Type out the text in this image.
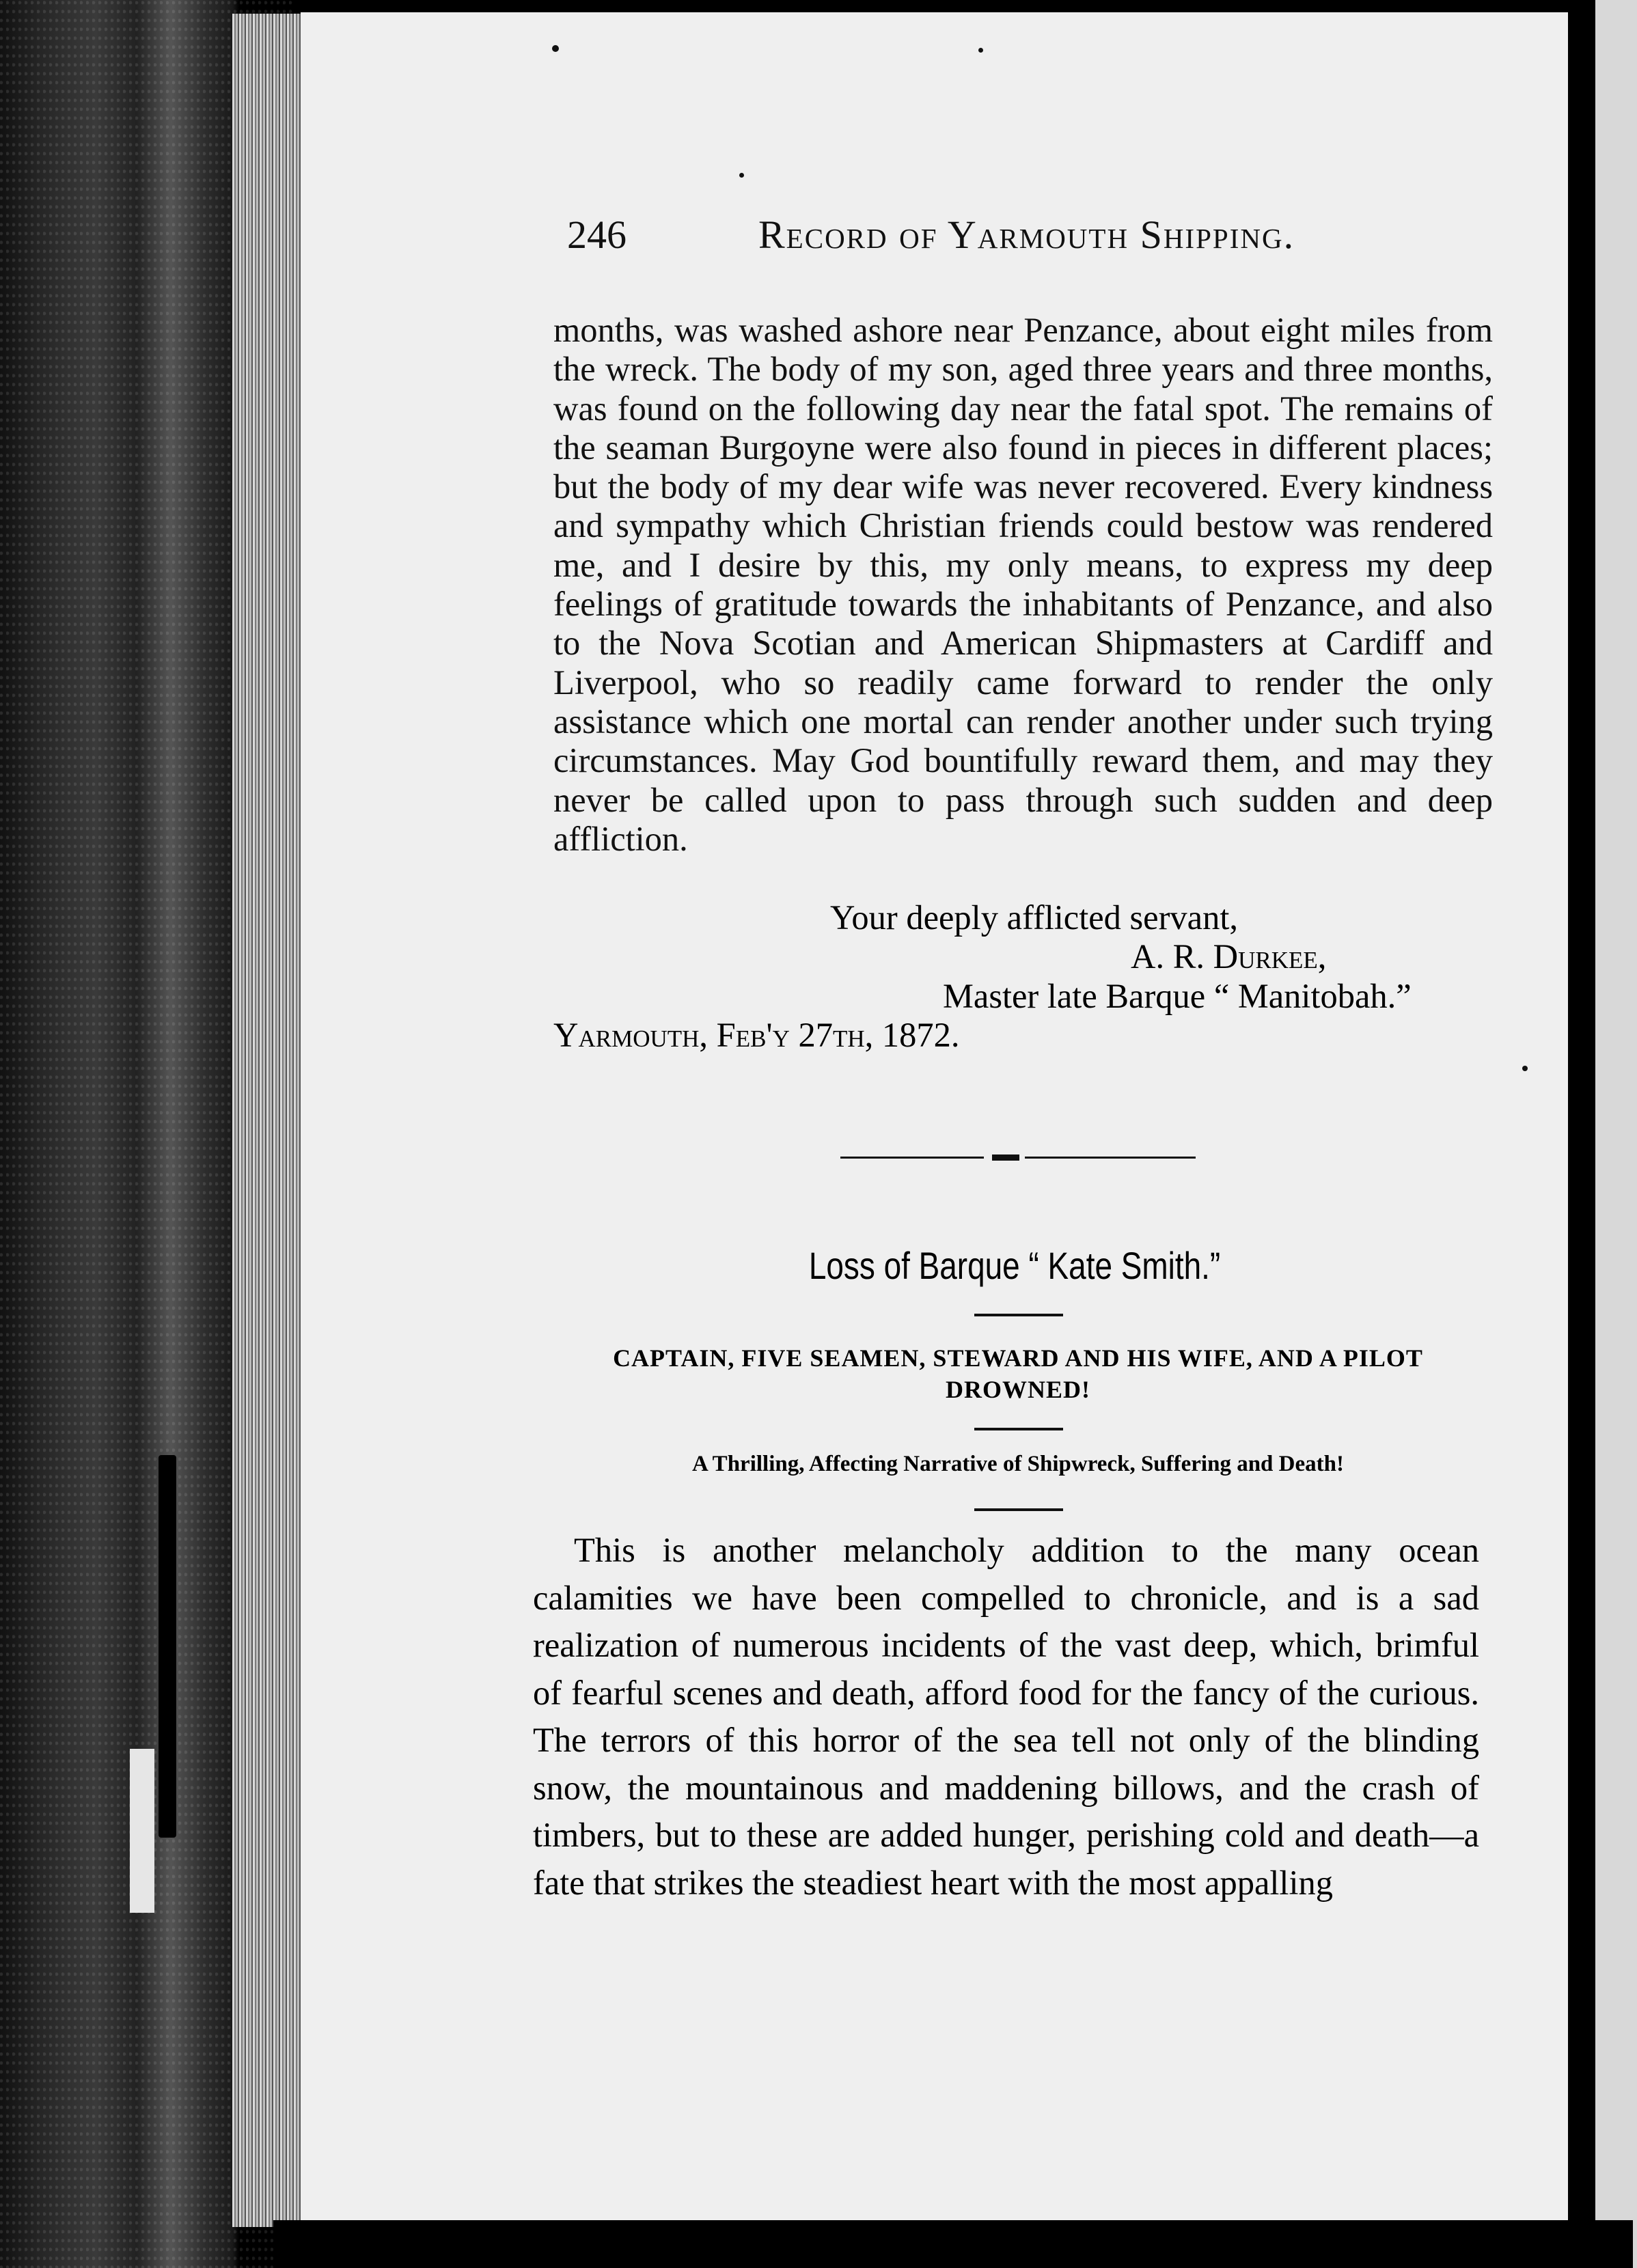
246	Record of Yarmouth Shipping.

months, was washed ashore near Penzance, about eight miles from the wreck. The body of my son, aged three years and three months, was found on the following day near the fatal spot. The remains of the seaman Burgoyne were also found in pieces in different places; but the body of my dear wife was never recovered. Every kindness and sympathy which Christian friends could bestow was rendered me, and I desire by this, my only means, to express my deep feelings of gratitude towards the inhabitants of Penzance, and also to the Nova Scotian and American Shipmasters at Cardiff and Liverpool, who so readily came forward to render the only assistance which one mortal can render another under such trying circumstances. May God bountifully reward them, and may they never be called upon to pass through such sudden and deep affliction.

Your deeply afflicted servant,
A. R. Durkee,
Master late Barque “ Manitobah.”
Yarmouth, Feb'y 27th, 1872.
Loss of Barque “ Kate Smith.”
CAPTAIN, FIVE SEAMEN, STEWARD AND HIS WIFE, AND A PILOT DROWNED!
A Thrilling, Affecting Narrative of Shipwreck, Suffering and Death!

This is another melancholy addition to the many ocean calamities we have been compelled to chronicle, and is a sad realization of numerous incidents of the vast deep, which, brimful of fearful scenes and death, afford food for the fancy of the curious. The terrors of this horror of the sea tell not only of the blinding snow, the mountainous and maddening billows, and the crash of timbers, but to these are added hunger, perishing cold and death—a fate that strikes the steadiest heart with the most appalling
